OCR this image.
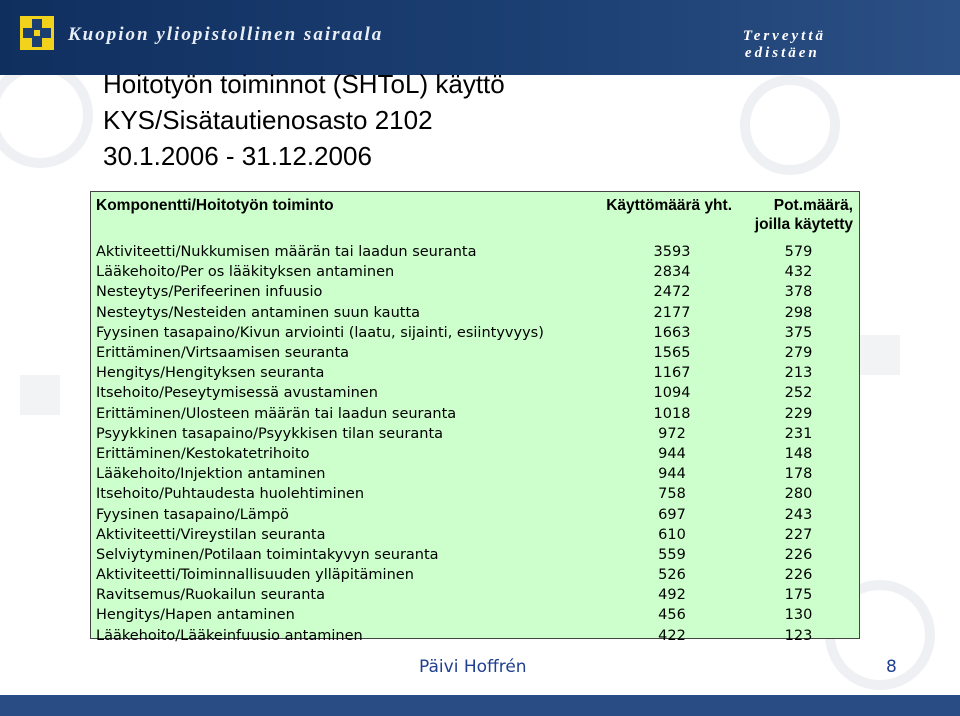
Kuopion yliopistollinen sairaala	Terveyttä
edistäen
Hoitotyön toiminnot (SHToL) käyttö
KYS/Sisätautienosasto 2102
30.1.2006 - 31.12.2006
Komponentti/Hoitotyön toiminto	Käyttömäärä yht.	Pot.määrä, joilla käytetty
Aktiviteetti/Nukkumisen määrän tai laadun seuranta	3593	579
Lääkehoito/Per os lääkityksen antaminen	2834	432
Nesteytys/Perifeerinen infuusio	2472	378
Nesteytys/Nesteiden antaminen suun kautta	2177	298
Fyysinen tasapaino/Kivun arviointi (laatu, sijainti, esiintyvyys)	1663	375
Erittäminen/Virtsaamisen seuranta	1565	279
Hengitys/Hengityksen seuranta	1167	213
Itsehoito/Peseytymisessä avustaminen	1094	252
Erittäminen/Ulosteen määrän tai laadun seuranta	1018	229
Psyykkinen tasapaino/Psyykkisen tilan seuranta	972	231
Erittäminen/Kestokatetrihoito	944	148
Lääkehoito/Injektion antaminen	944	178
Itsehoito/Puhtaudesta huolehtiminen	758	280
Fyysinen tasapaino/Lämpö	697	243
Aktiviteetti/Vireystilan seuranta	610	227
Selviytyminen/Potilaan toimintakyvyn seuranta	559	226
Aktiviteetti/Toiminnallisuuden ylläpitäminen	526	226
Ravitsemus/Ruokailun seuranta	492	175
Hengitys/Hapen antaminen	456	130
Lääkehoito/Lääkeinfuusio antaminen	422	123
Päivi Hoffrén	8
